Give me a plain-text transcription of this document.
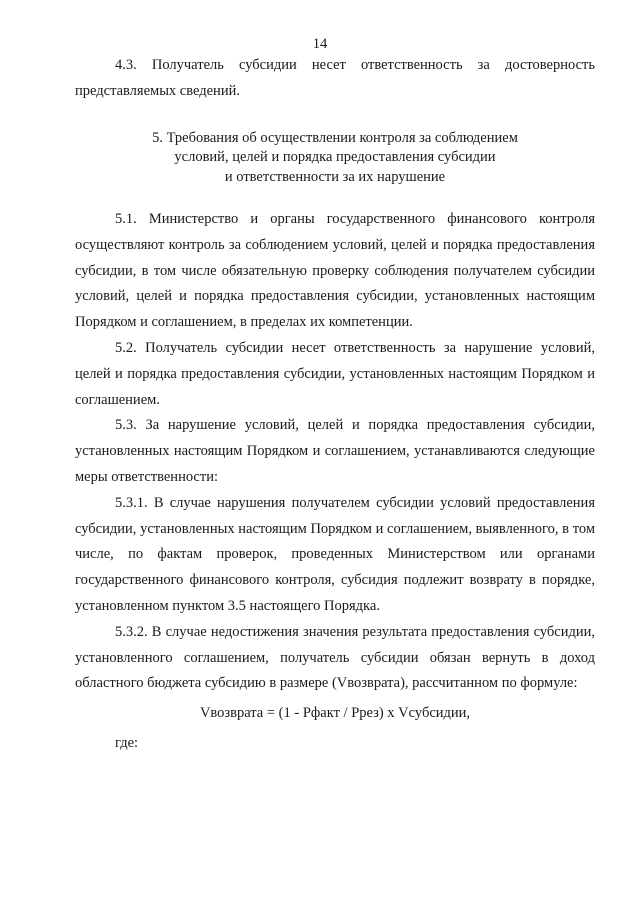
14

4.3. Получатель субсидии несет ответственность за достоверность представляемых сведений.

5. Требования об осуществлении контроля за соблюдением
условий, целей и порядка предоставления субсидии
и ответственности за их нарушение

5.1. Министерство и органы государственного финансового контроля осуществляют контроль за соблюдением условий, целей и порядка предоставления субсидии, в том числе обязательную проверку соблюдения получателем субсидии условий, целей и порядка предоставления субсидии, установленных настоящим Порядком и соглашением, в пределах их компетенции.

5.2. Получатель субсидии несет ответственность за нарушение условий, целей и порядка предоставления субсидии, установленных настоящим Порядком и соглашением.

5.3. За нарушение условий, целей и порядка предоставления субсидии, установленных настоящим Порядком и соглашением, устанавливаются следующие меры ответственности:

5.3.1. В случае нарушения получателем субсидии условий предоставления субсидии, установленных настоящим Порядком и соглашением, выявленного, в том числе, по фактам проверок, проведенных Министерством или органами государственного финансового контроля, субсидия подлежит возврату в порядке, установленном пунктом 3.5 настоящего Порядка.

5.3.2. В случае недостижения значения результата предоставления субсидии, установленного соглашением, получатель субсидии обязан вернуть в доход областного бюджета субсидию в размере (Vвозврата), рассчитанном по формуле:

Vвозврата = (1 - Рфакт / Ррез) х Vсубсидии,

где:
